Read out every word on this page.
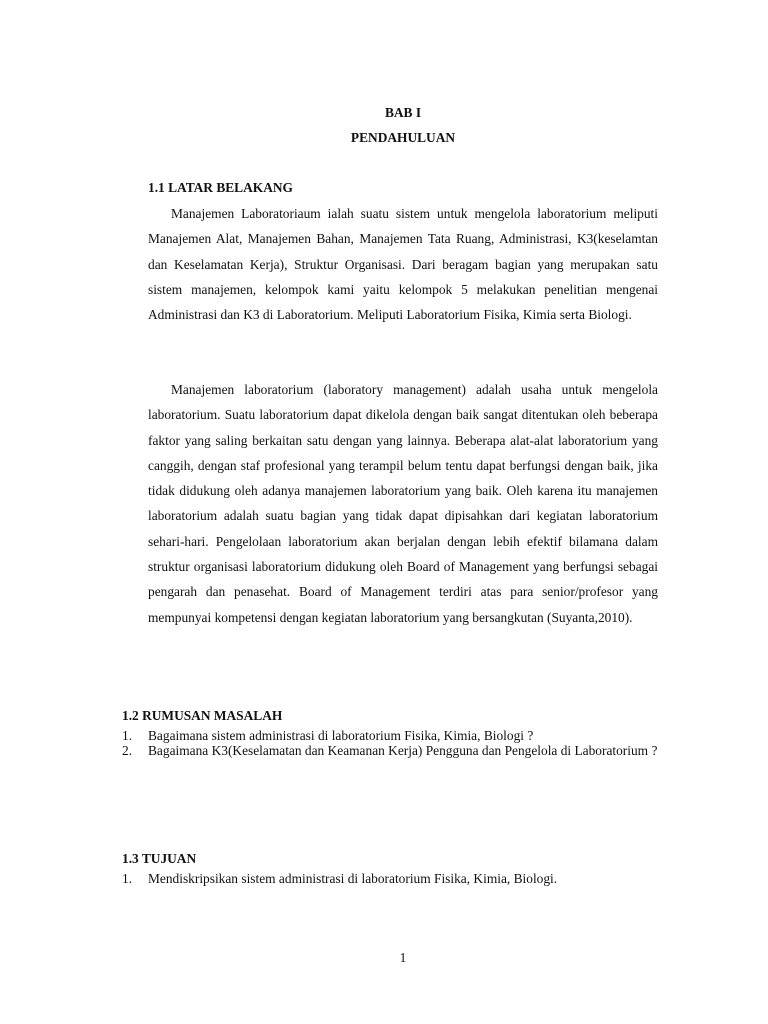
BAB I
PENDAHULUAN
1.1 LATAR BELAKANG
Manajemen Laboratoriaum ialah suatu sistem untuk mengelola laboratorium meliputi Manajemen Alat, Manajemen Bahan, Manajemen Tata Ruang, Administrasi, K3(keselamtan dan Keselamatan Kerja), Struktur Organisasi. Dari beragam bagian yang merupakan satu sistem manajemen, kelompok kami yaitu kelompok 5 melakukan penelitian mengenai Administrasi dan K3 di Laboratorium. Meliputi Laboratorium Fisika, Kimia serta Biologi.
Manajemen laboratorium (laboratory management) adalah usaha untuk mengelola laboratorium. Suatu laboratorium dapat dikelola dengan baik sangat ditentukan oleh beberapa faktor yang saling berkaitan satu dengan yang lainnya. Beberapa alat-alat laboratorium yang canggih, dengan staf profesional yang terampil belum tentu dapat berfungsi dengan baik, jika tidak didukung oleh adanya manajemen laboratorium yang baik. Oleh karena itu manajemen laboratorium adalah suatu bagian yang tidak dapat dipisahkan dari kegiatan laboratorium sehari-hari. Pengelolaan laboratorium akan berjalan dengan lebih efektif bilamana dalam struktur organisasi laboratorium didukung oleh Board of Management yang berfungsi sebagai pengarah dan penasehat. Board of Management terdiri atas para senior/profesor yang mempunyai kompetensi dengan kegiatan laboratorium yang bersangkutan (Suyanta,2010).
1.2 RUMUSAN MASALAH
1. Bagaimana sistem administrasi di laboratorium Fisika, Kimia, Biologi ?
2. Bagaimana K3(Keselamatan dan Keamanan Kerja) Pengguna dan Pengelola di Laboratorium ?
1.3 TUJUAN
1. Mendiskripsikan sistem administrasi di laboratorium Fisika, Kimia, Biologi.
1
